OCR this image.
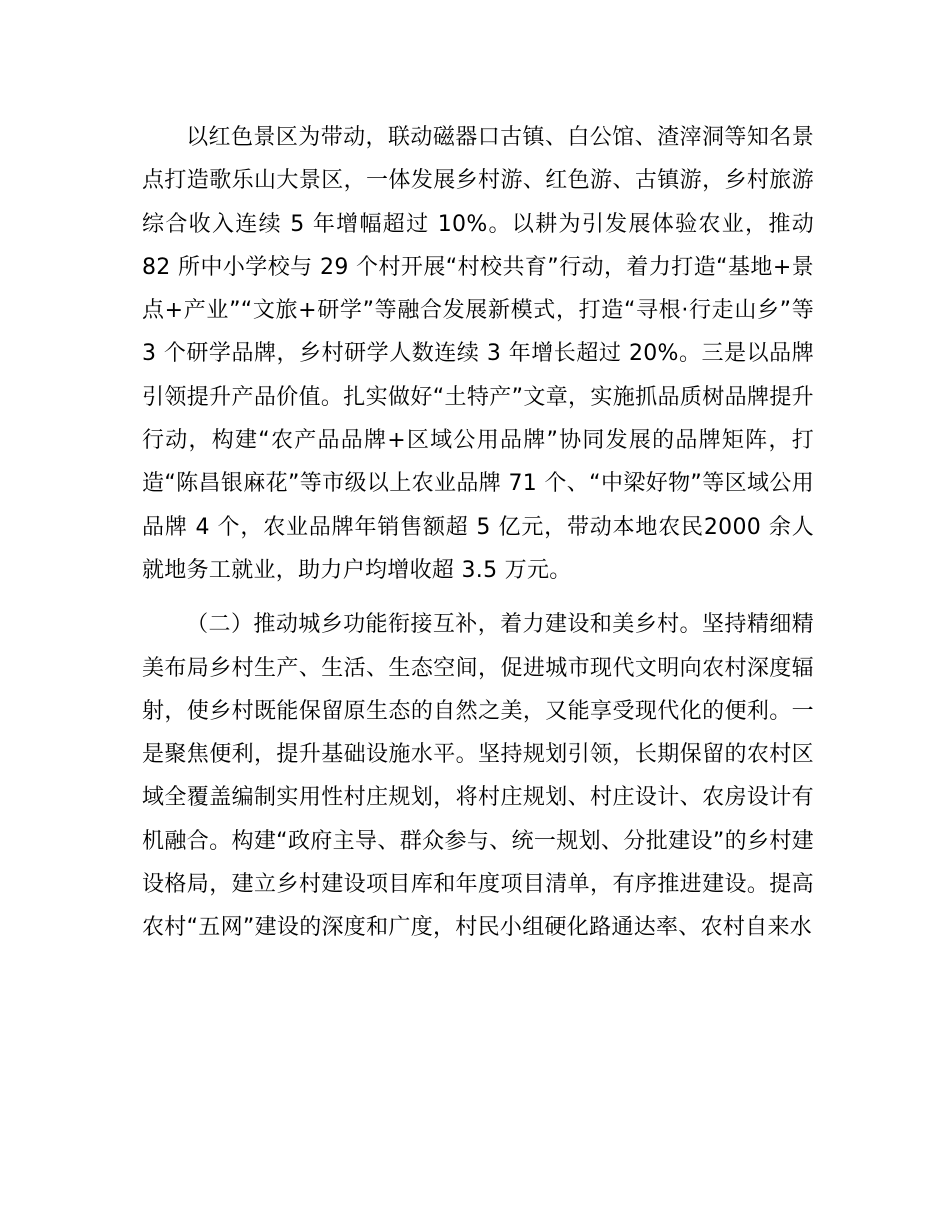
以红色景区为带动，联动磁器口古镇、白公馆、渣滓洞等知名景点打造歌乐山大景区，一体发展乡村游、红色游、古镇游，乡村旅游综合收入连续 5 年增幅超过 10%。以耕为引发展体验农业，推动 82 所中小学校与 29 个村开展“村校共育”行动，着力打造“基地+景点+产业”“文旅+研学”等融合发展新模式，打造“寻根·行走山乡”等 3 个研学品牌，乡村研学人数连续 3 年增长超过 20%。三是以品牌引领提升产品价值。扎实做好“土特产”文章，实施抓品质树品牌提升行动，构建“农产品品牌+区域公用品牌”协同发展的品牌矩阵，打造“陈昌银麻花”等市级以上农业品牌 71 个、“中梁好物”等区域公用品牌 4 个，农业品牌年销售额超 5 亿元，带动本地农民2000 余人就地务工就业，助力户均增收超 3.5 万元。

（二）推动城乡功能衔接互补，着力建设和美乡村。坚持精细精美布局乡村生产、生活、生态空间，促进城市现代文明向农村深度辐射，使乡村既能保留原生态的自然之美，又能享受现代化的便利。一是聚焦便利，提升基础设施水平。坚持规划引领，长期保留的农村区域全覆盖编制实用性村庄规划，将村庄规划、村庄设计、农房设计有机融合。构建“政府主导、群众参与、统一规划、分批建设”的乡村建设格局，建立乡村建设项目库和年度项目清单，有序推进建设。提高农村“五网”建设的深度和广度，村民小组硬化路通达率、农村自来水
